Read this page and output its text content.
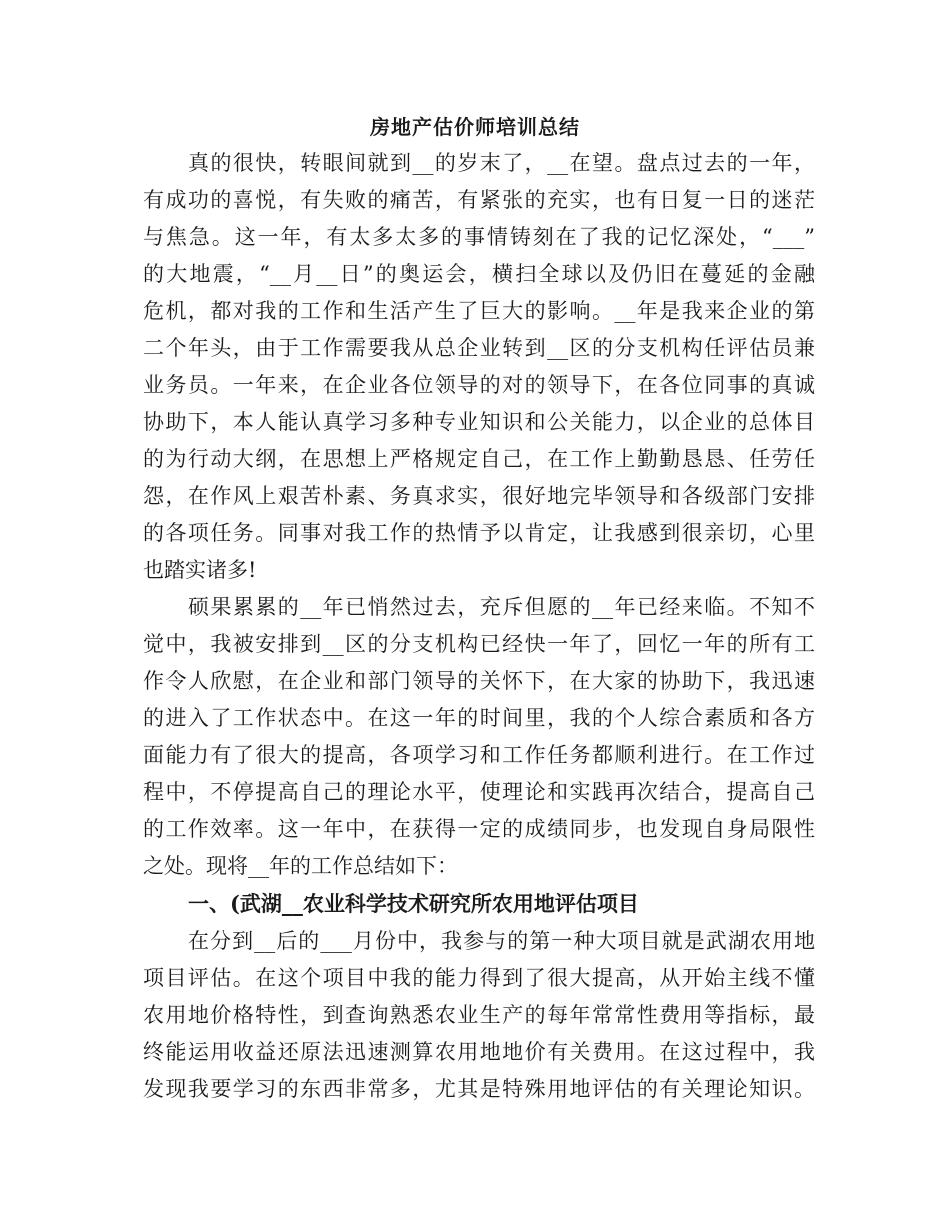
房地产估价师培训总结
真的很快，转眼间就到__的岁末了，__在望。盘点过去的一年，
有成功的喜悦，有失败的痛苦，有紧张的充实，也有日复一日的迷茫
与焦急。这一年，有太多太多的事情铸刻在了我的记忆深处，“___”
的大地震，“__月__日”的奥运会，横扫全球以及仍旧在蔓延的金融
危机，都对我的工作和生活产生了巨大的影响。__年是我来企业的第
二个年头，由于工作需要我从总企业转到__区的分支机构任评估员兼
业务员。一年来，在企业各位领导的对的领导下，在各位同事的真诚
协助下，本人能认真学习多种专业知识和公关能力，以企业的总体目
的为行动大纲，在思想上严格规定自己，在工作上勤勤恳恳、任劳任
怨，在作风上艰苦朴素、务真求实，很好地完毕领导和各级部门安排
的各项任务。同事对我工作的热情予以肯定，让我感到很亲切，心里
也踏实诸多!
硕果累累的__年已悄然过去，充斥但愿的__年已经来临。不知不
觉中，我被安排到__区的分支机构已经快一年了，回忆一年的所有工
作令人欣慰，在企业和部门领导的关怀下，在大家的协助下，我迅速
的进入了工作状态中。在这一年的时间里，我的个人综合素质和各方
面能力有了很大的提高，各项学习和工作任务都顺利进行。在工作过
程中，不停提高自己的理论水平，使理论和实践再次结合，提高自己
的工作效率。这一年中，在获得一定的成绩同步，也发现自身局限性
之处。现将__年的工作总结如下：
一、(武湖__农业科学技术研究所农用地评估项目
在分到__后的___月份中，我参与的第一种大项目就是武湖农用地
项目评估。在这个项目中我的能力得到了很大提高，从开始主线不懂
农用地价格特性，到查询熟悉农业生产的每年常常性费用等指标，最
终能运用收益还原法迅速测算农用地地价有关费用。在这过程中，我
发现我要学习的东西非常多，尤其是特殊用地评估的有关理论知识。
